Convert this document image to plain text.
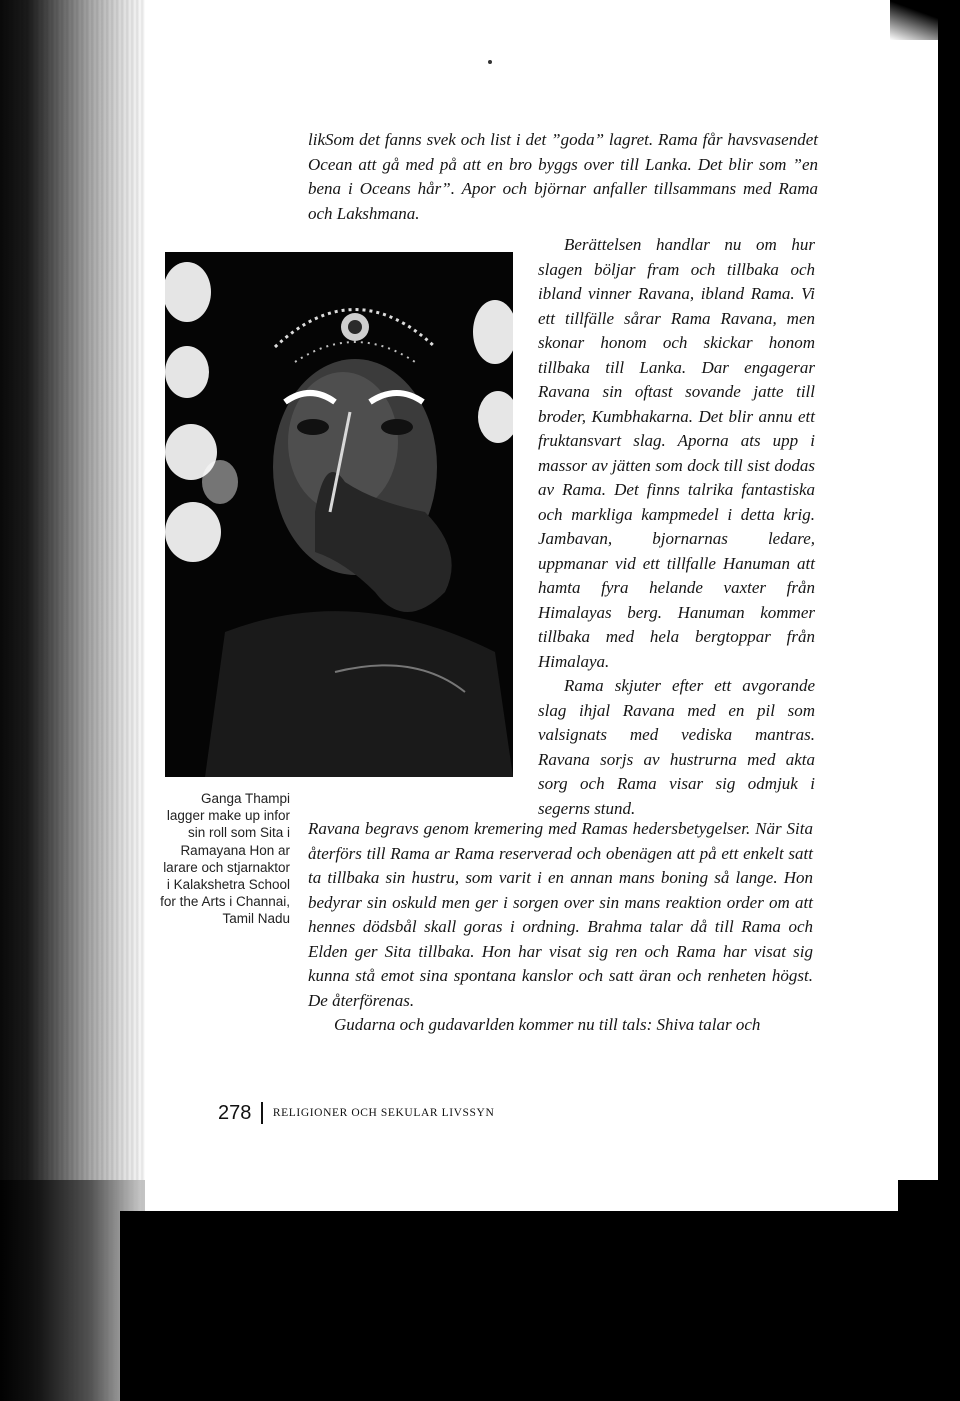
likSom det fanns svek och list i det ”goda” lagret. Rama får havsvasendet Ocean att gå med på att en bro byggs over till Lanka. Det blir som ”en bena i Oceans hår”. Apor och björnar anfaller tillsammans med Rama och Lakshmana.

Berättelsen handlar nu om hur slagen böljar fram och tillbaka och ibland vinner Ravana, ibland Rama. Vi ett tillfälle sårar Rama Ravana, men skonar honom och skickar honom tillbaka till Lanka. Dar engagerar Ravana sin oftast sovande jatte till broder, Kumbhakarna. Det blir annu ett fruktansvart slag. Aporna ats upp i massor av jätten som dock till sist dodas av Rama. Det finns talrika fantastiska och markliga kampmedel i detta krig. Jambavan, bjornarnas ledare, uppmanar vid ett tillfalle Hanuman att hamta fyra helande vaxter från Himalayas berg. Hanuman kommer tillbaka med hela bergtoppar från Himalaya.

Rama skjuter efter ett avgorande slag ihjal Ravana med en pil som valsignats med vediska mantras. Ravana sorjs av hustrurna med akta sorg och Rama visar sig odmjuk i segerns stund.

Ravana begravs genom kremering med Ramas hedersbetygelser. När Sita återförs till Rama ar Rama reserverad och obenägen att på ett enkelt satt ta tillbaka sin hustru, som varit i en annan mans boning så lange. Hon bedyrar sin oskuld men ger i sorgen over sin mans reaktion order om att hennes dödsbål skall goras i ordning. Brahma talar då till Rama och Elden ger Sita tillbaka. Hon har visat sig ren och Rama har visat sig kunna stå emot sina spontana kanslor och satt äran och renheten högst. De återförenas.

Gudarna och gudavarlden kommer nu till tals: Shiva talar och

Ganga Thampi lagger make up infor sin roll som Sita i Ramayana Hon ar larare och stjarnaktor i Kalakshetra School for the Arts i Channai, Tamil Nadu
278 RELIGIONER OCH SEKULAR LIVSSYN
